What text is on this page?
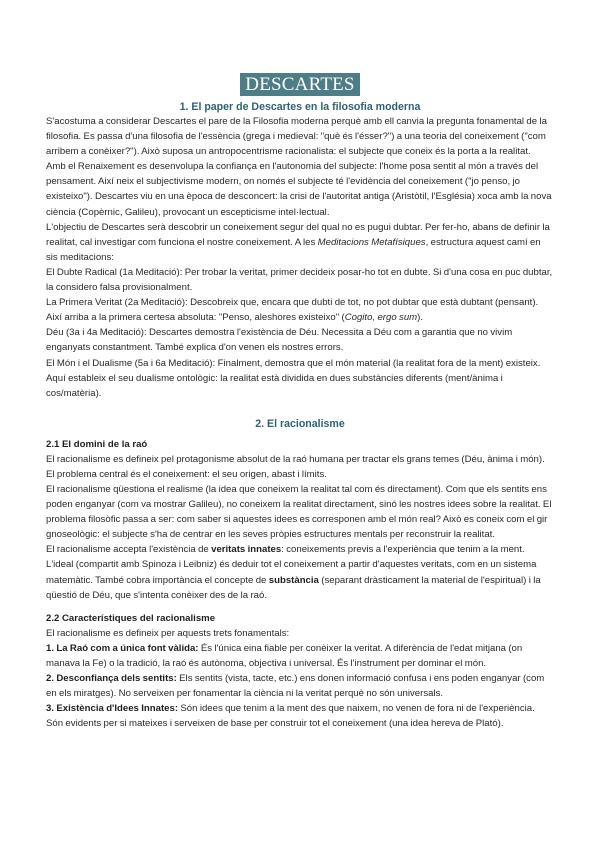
DESCARTES
1. El paper de Descartes en la filosofia moderna

S'acostuma a considerar Descartes el pare de la Filosofia moderna perquè amb ell canvia la pregunta fonamental de la filosofia. Es passa d'una filosofia de l'essència (grega i medieval: "què és l'ésser?") a una teoria del coneixement ("com arribem a conèixer?"). Això suposa un antropocentrisme racionalista: el subjecte que coneix és la porta a la realitat.

Amb el Renaixement es desenvolupa la confiança en l'autonomia del subjecte: l'home posa sentit al món a través del pensament. Així neix el subjectivisme modern, on només el subjecte té l'evidència del coneixement ("jo penso, jo existeixo"). Descartes viu en una època de desconcert: la crisi de l'autoritat antiga (Aristòtil, l'Església) xoca amb la nova ciència (Copèrnic, Galileu), provocant un escepticisme intel·lectual.

L'objectiu de Descartes serà descobrir un coneixement segur del qual no es pugui dubtar. Per fer-ho, abans de definir la realitat, cal investigar com funciona el nostre coneixement. A les Meditacions Metafísiques, estructura aquest camí en sis meditacions:

El Dubte Radical (1a Meditació): Per trobar la veritat, primer decideix posar-ho tot en dubte. Si d'una cosa en puc dubtar, la considero falsa provisionalment.

La Primera Veritat (2a Meditació): Descobreix que, encara que dubti de tot, no pot dubtar que està dubtant (pensant). Així arriba a la primera certesa absoluta: "Penso, aleshores existeixo" (Cogito, ergo sum).

Déu (3a i 4a Meditació): Descartes demostra l'existència de Déu. Necessita a Déu com a garantia que no vivim enganyats constantment. També explica d'on venen els nostres errors.

El Món i el Dualisme (5a i 6a Meditació): Finalment, demostra que el món material (la realitat fora de la ment) existeix. Aquí estableix el seu dualisme ontològic: la realitat està dividida en dues substàncies diferents (ment/ànima i cos/matèria).

2. El racionalisme
2.1 El domini de la raó

El racionalisme es defineix pel protagonisme absolut de la raó humana per tractar els grans temes (Déu, ànima i món). El problema central és el coneixement: el seu origen, abast i límits.

El racionalisme qüestiona el realisme (la idea que coneixem la realitat tal com és directament). Com que els sentits ens poden enganyar (com va mostrar Galileu), no coneixem la realitat directament, sinó les nostres idees sobre la realitat. El problema filosòfic passa a ser: com saber si aquestes idees es corresponen amb el món real? Això es coneix com el gir gnoseològic: el subjecte s'ha de centrar en les seves pròpies estructures mentals per reconstruir la realitat.

El racionalisme accepta l'existència de veritats innates: coneixements previs a l'experiència que tenim a la ment.

L'ideal (compartit amb Spinoza i Leibniz) és deduir tot el coneixement a partir d'aquestes veritats, com en un sistema matemàtic. També cobra importància el concepte de substància (separant dràsticament la material de l'espiritual) i la qüestió de Déu, que s'intenta conèixer des de la raó.

2.2 Característiques del racionalisme

El racionalisme es defineix per aquests trets fonamentals:

1. La Raó com a única font vàlida: És l'única eina fiable per conèixer la veritat. A diferència de l'edat mitjana (on manava la Fe) o la tradició, la raó és autònoma, objectiva i universal. És l'instrument per dominar el món.

2. Desconfiança dels sentits: Els sentits (vista, tacte, etc.) ens donen informació confusa i ens poden enganyar (com en els miratges). No serveixen per fonamentar la ciència ni la veritat perquè no són universals.

3. Existència d'Idees Innates: Són idees que tenim a la ment des que naixem, no venen de fora ni de l'experiència. Són evidents per si mateixes i serveixen de base per construir tot el coneixement (una idea hereva de Plató).
